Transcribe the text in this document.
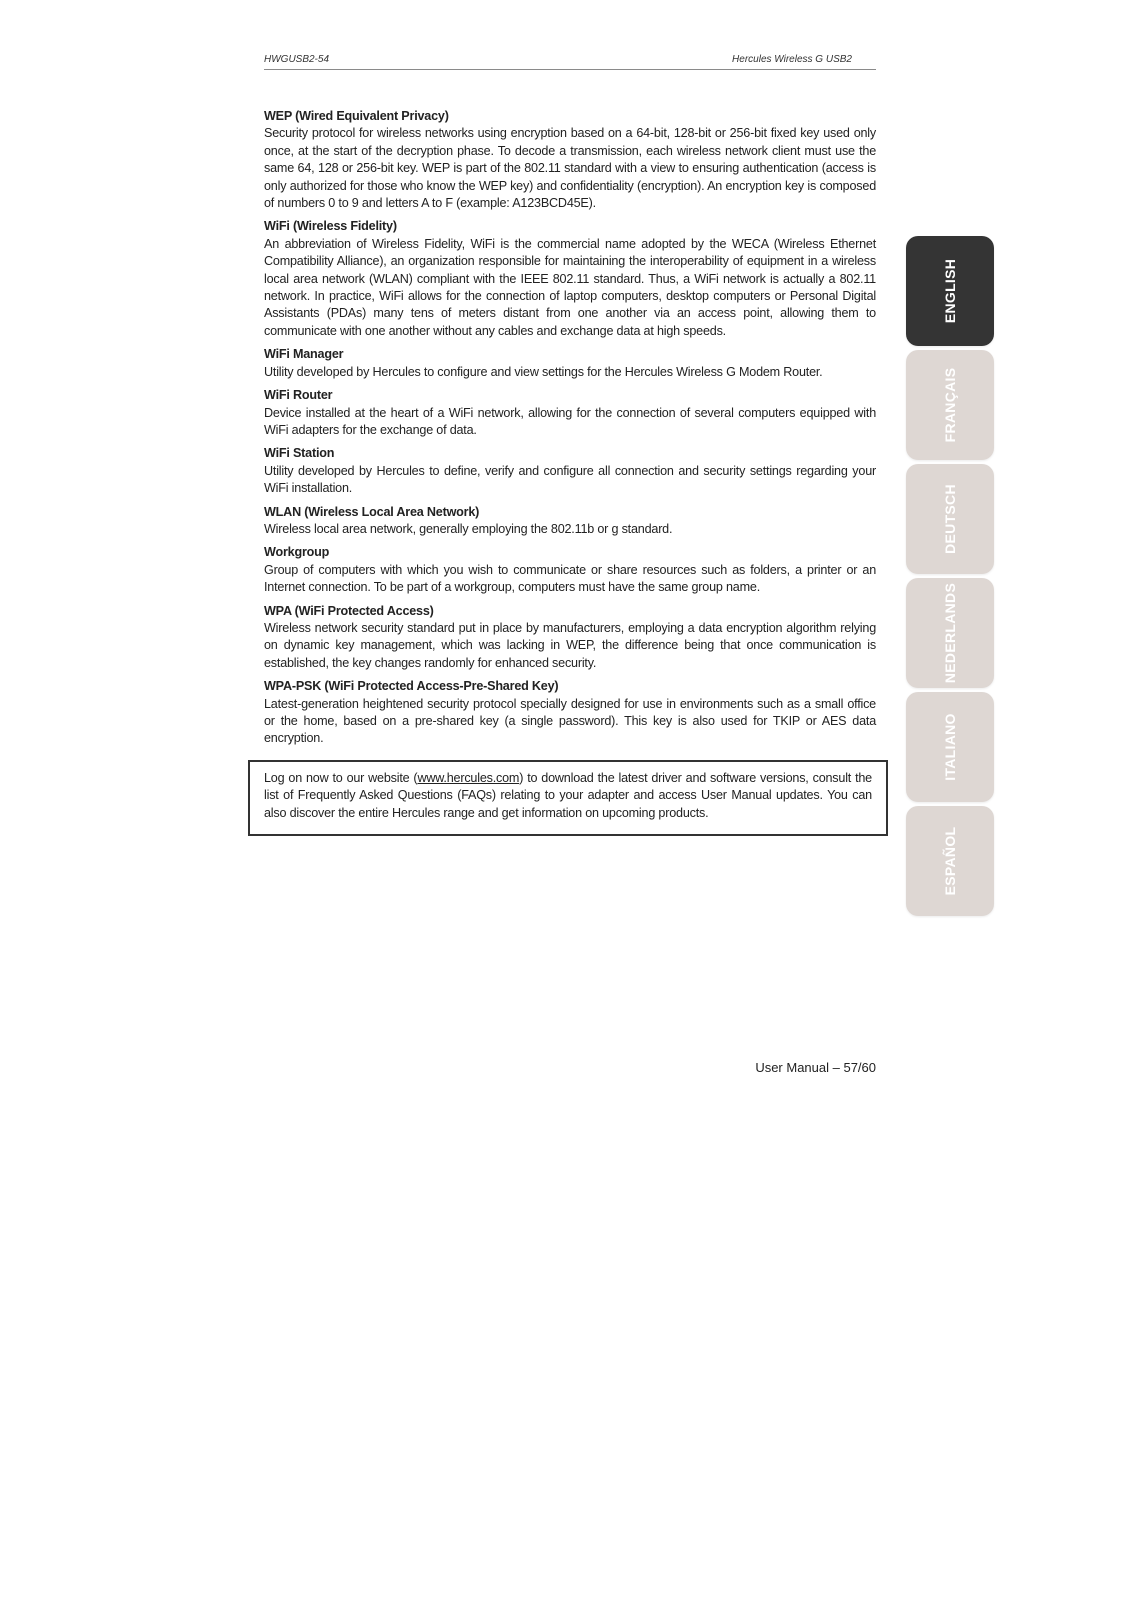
HWGUSB2-54	Hercules Wireless G USB2

WEP (Wired Equivalent Privacy)

Security protocol for wireless networks using encryption based on a 64-bit, 128-bit or 256-bit fixed key used only once, at the start of the decryption phase. To decode a transmission, each wireless network client must use the same 64, 128 or 256-bit key. WEP is part of the 802.11 standard with a view to ensuring authentication (access is only authorized for those who know the WEP key) and confidentiality (encryption). An encryption key is composed of numbers 0 to 9 and letters A to F (example: A123BCD45E).

WiFi (Wireless Fidelity)

An abbreviation of Wireless Fidelity, WiFi is the commercial name adopted by the WECA (Wireless Ethernet Compatibility Alliance), an organization responsible for maintaining the interoperability of equipment in a wireless local area network (WLAN) compliant with the IEEE 802.11 standard. Thus, a WiFi network is actually a 802.11 network. In practice, WiFi allows for the connection of laptop computers, desktop computers or Personal Digital Assistants (PDAs) many tens of meters distant from one another via an access point, allowing them to communicate with one another without any cables and exchange data at high speeds.

WiFi Manager

Utility developed by Hercules to configure and view settings for the Hercules Wireless G Modem Router.

WiFi Router

Device installed at the heart of a WiFi network, allowing for the connection of several computers equipped with WiFi adapters for the exchange of data.

WiFi Station

Utility developed by Hercules to define, verify and configure all connection and security settings regarding your WiFi installation.

WLAN (Wireless Local Area Network)

Wireless local area network, generally employing the 802.11b or g standard.

Workgroup

Group of computers with which you wish to communicate or share resources such as folders, a printer or an Internet connection. To be part of a workgroup, computers must have the same group name.

WPA (WiFi Protected Access)

Wireless network security standard put in place by manufacturers, employing a data encryption algorithm relying on dynamic key management, which was lacking in WEP, the difference being that once communication is established, the key changes randomly for enhanced security.

WPA-PSK (WiFi Protected Access-Pre-Shared Key)

Latest-generation heightened security protocol specially designed for use in environments such as a small office or the home, based on a pre-shared key (a single password). This key is also used for TKIP or AES data encryption.

Log on now to our website (www.hercules.com) to download the latest driver and software versions, consult the list of Frequently Asked Questions (FAQs) relating to your adapter and access User Manual updates. You can also discover the entire Hercules range and get information on upcoming products.
User Manual – 57/60
ENGLISH
FRANÇAIS
DEUTSCH
NEDERLANDS
ITALIANO
ESPAÑOL
